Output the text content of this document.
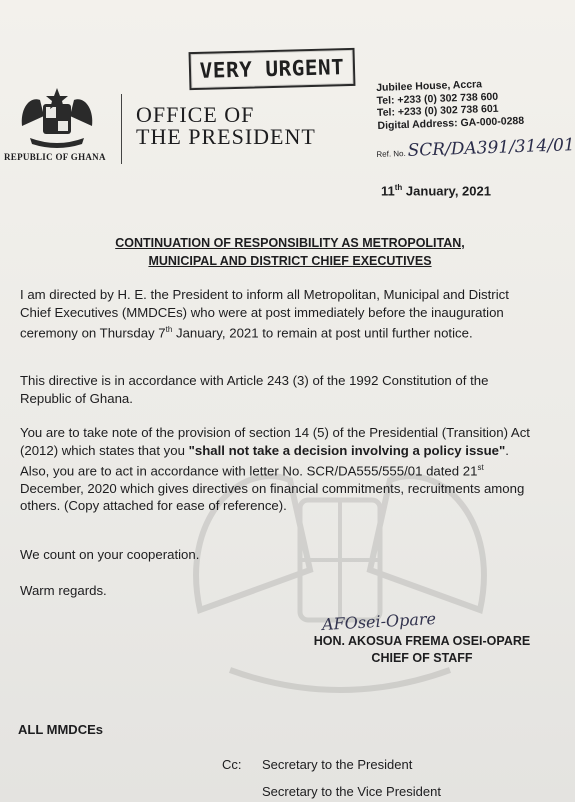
VERY URGENT
REPUBLIC OF GHANA
OFFICE OF
THE PRESIDENT
Jubilee House, Accra
Tel: +233 (0) 302 738 600
Tel: +233 (0) 302 738 601
Digital Address: GA-000-0288
Ref. No.SCR/DA391/314/01
11th January, 2021
CONTINUATION OF RESPONSIBILITY AS METROPOLITAN,
MUNICIPAL AND DISTRICT CHIEF EXECUTIVES
I am directed by H. E. the President to inform all Metropolitan, Municipal and District Chief Executives (MMDCEs) who were at post immediately before the inauguration ceremony on Thursday 7th January, 2021 to remain at post until further notice.
This directive is in accordance with Article 243 (3) of the 1992 Constitution of the Republic of Ghana.
You are to take note of the provision of section 14 (5) of the Presidential (Transition) Act (2012) which states that you "shall not take a decision involving a policy issue". Also, you are to act in accordance with letter No. SCR/DA555/555/01 dated 21st December, 2020 which gives directives on financial commitments, recruitments among others. (Copy attached for ease of reference).
We count on your cooperation.
Warm regards.
AFOsei-Opare
HON. AKOSUA FREMA OSEI-OPARE
CHIEF OF STAFF
ALL MMDCEs
Cc: Secretary to the President
Secretary to the Vice President
